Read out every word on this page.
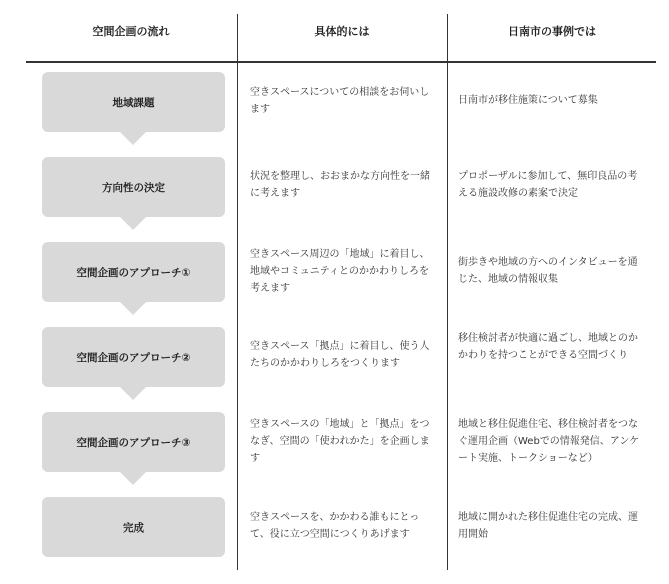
空間企画の流れ	具体的には	日南市の事例では
地域課題
空きスペースについての相談をお伺いします
日南市が移住施策について募集
方向性の決定
状況を整理し、おおまかな方向性を一緒に考えます
プロポーザルに参加して、無印良品の考える施設改修の素案で決定
空間企画のアプローチ①
空きスペース周辺の「地域」に着目し、地域やコミュニティとのかかわりしろを考えます
街歩きや地域の方へのインタビューを通じた、地域の情報収集
空間企画のアプローチ②
空きスペース「拠点」に着目し、使う人たちのかかわりしろをつくります
移住検討者が快適に過ごし、地域とのかかわりを持つことができる空間づくり
空間企画のアプローチ③
空きスペースの「地域」と「拠点」をつなぎ、空間の「使われかた」を企画します
地域と移住促進住宅、移住検討者をつなぐ運用企画（Webでの情報発信、アンケート実施、トークショーなど）
完成
空きスペースを、かかわる誰もにとって、役に立つ空間につくりあげます
地域に開かれた移住促進住宅の完成、運用開始
